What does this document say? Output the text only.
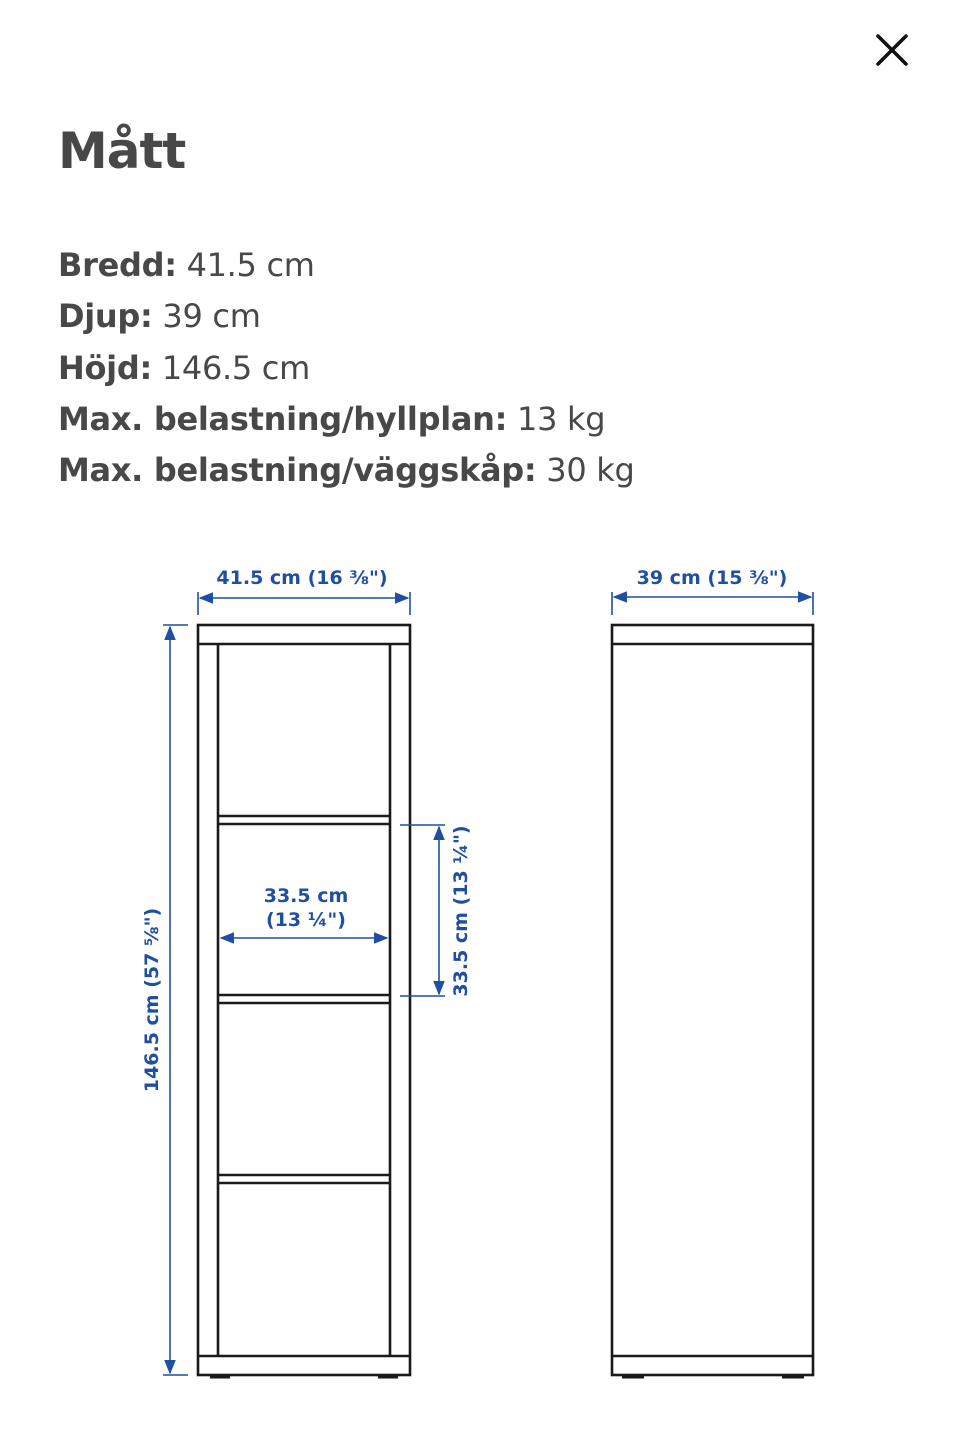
Mått
Bredd: 41.5 cm
Djup: 39 cm
Höjd: 146.5 cm
Max. belastning/hyllplan: 13 kg
Max. belastning/väggskåp: 30 kg
41.5 cm (16 ⅜")
146.5 cm (57 ⅝")
33.5 cm
(13 ¼")	33.5 cm (13 ¼")
39 cm (15 ⅜")
